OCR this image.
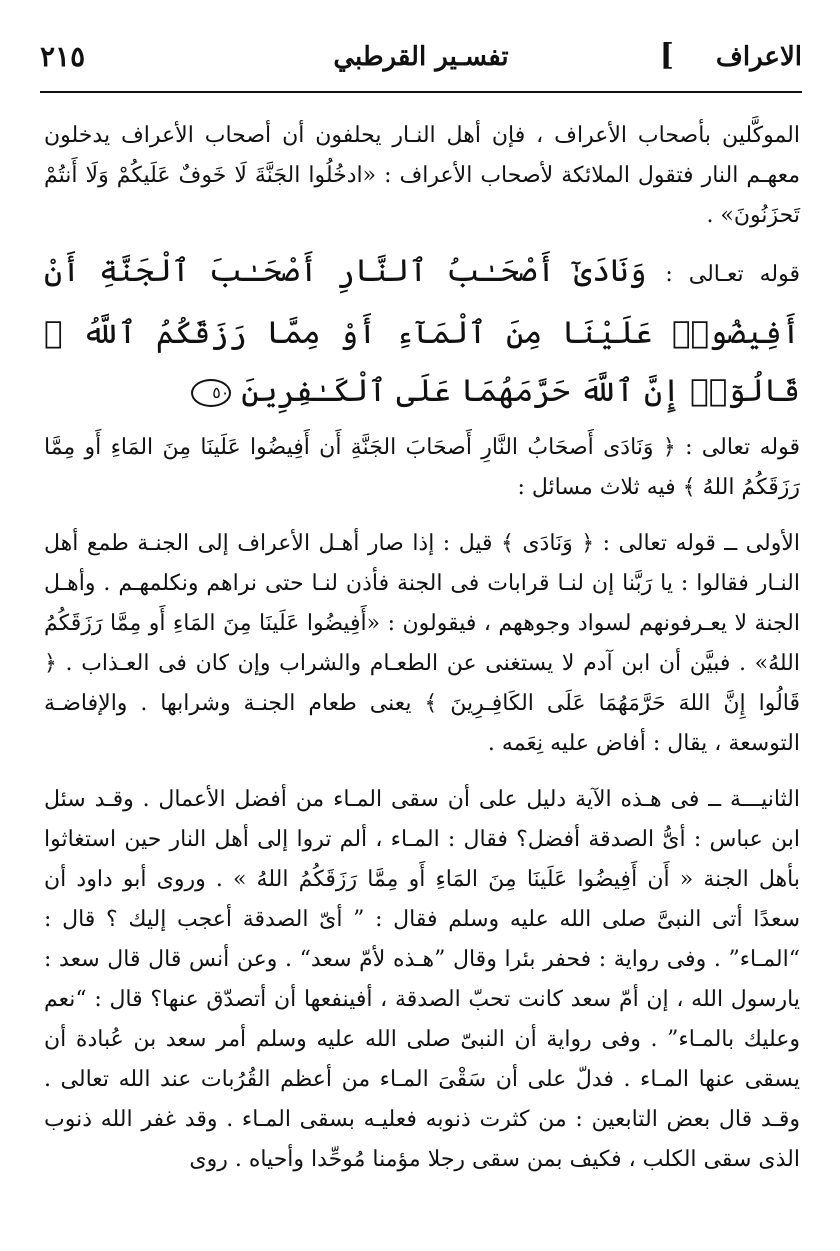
الاعراف
]
تفسـير القرطبي
٢١٥

الموكَّلين بأصحاب الأعراف ، فإن أهل النـار يحلفون أن أصحاب الأعراف يدخلون معهـم النار فتقول الملائكة لأصحاب الأعراف : «ادخُلُوا الجَنَّةَ لَا خَوفٌ عَلَيكُمْ وَلَا أَنتُمْ تَحزَنُونَ» .

قوله تعـالى : وَنَادَىٰٓ أَصْحَـٰبُ ٱلنَّارِ أَصْحَـٰبَ ٱلْجَنَّةِ أَنْ أَفِيضُوا۟ عَلَيْنَا مِنَ ٱلْمَآءِ أَوْ مِمَّا رَزَقَكُمُ ٱللَّهُ ۚ قَالُوٓا۟ إِنَّ ٱللَّهَ حَرَّمَهُمَا عَلَى ٱلْكَـٰفِرِينَ ٥٠

قوله تعالى : ﴿ وَنَادَى أَصحَابُ النَّارِ أَصحَابَ الجَنَّةِ أَن أَفِيضُوا عَلَينَا مِنَ المَاءِ أَو مِمَّا رَزَقَكُمُ اللهُ ﴾ فيه ثلاث مسائل :

الأولى ــ قوله تعالى : ﴿ وَنَادَى ﴾ قيل : إذا صار أهـل الأعراف إلى الجنـة طمع أهل النـار فقالوا : يا رَبَّنا إن لنـا قرابات فى الجنة فأذن لنـا حتى نراهم ونكلمهـم . وأهـل الجنة لا يعـرفونهم لسواد وجوههم ، فيقولون : «أَفِيضُوا عَلَينَا مِنَ المَاءِ أَو مِمَّا رَزَقَكُمُ اللهُ» . فبيَّن أن ابن آدم لا يستغنى عن الطعـام والشراب وإن كان فى العـذاب . ﴿ قَالُوا إِنَّ اللهَ حَرَّمَهُمَا عَلَى الكَافِـرِينَ ﴾ يعنى طعام الجنـة وشرابها . والإفاضـة التوسعة ، يقال : أفاض عليه نِعَمه .

الثانيـــة ــ فى هـذه الآية دليل على أن سقى المـاء من أفضل الأعمال . وقـد سئل ابن عباس : أىُّ الصدقة أفضل؟ فقال : المـاء ، ألم تروا إلى أهل النار حين استغاثوا بأهل الجنة « أَن أَفِيضُوا عَلَينَا مِنَ المَاءِ أَو مِمَّا رَزَقَكُمُ اللهُ » . وروى أبو داود أن سعدًا أتى النبىَّ صلى الله عليه وسلم فقال : ” أىّ الصدقة أعجب إليك ؟ قال : “المـاء” . وفى رواية : فحفر بئرا وقال ”هـذه لأمّ سعد“ . وعن أنس قال قال سعد : يارسول الله ، إن أمّ سعد كانت تحبّ الصدقة ، أفينفعها أن أتصدّق عنها؟ قال : “نعم وعليك بالمـاء” . وفى رواية أن النبىّ صلى الله عليه وسلم أمر سعد بن عُبادة أن يسقى عنها المـاء . فدلّ على أن سَقْىَ المـاء من أعظم القُرُبات عند الله تعالى . وقـد قال بعض التابعين : من كثرت ذنوبه فعليـه بسقى المـاء . وقد غفر الله ذنوب الذى سقى الكلب ، فكيف بمن سقى رجلا مؤمنا مُوحِّدا وأحياه . روى
